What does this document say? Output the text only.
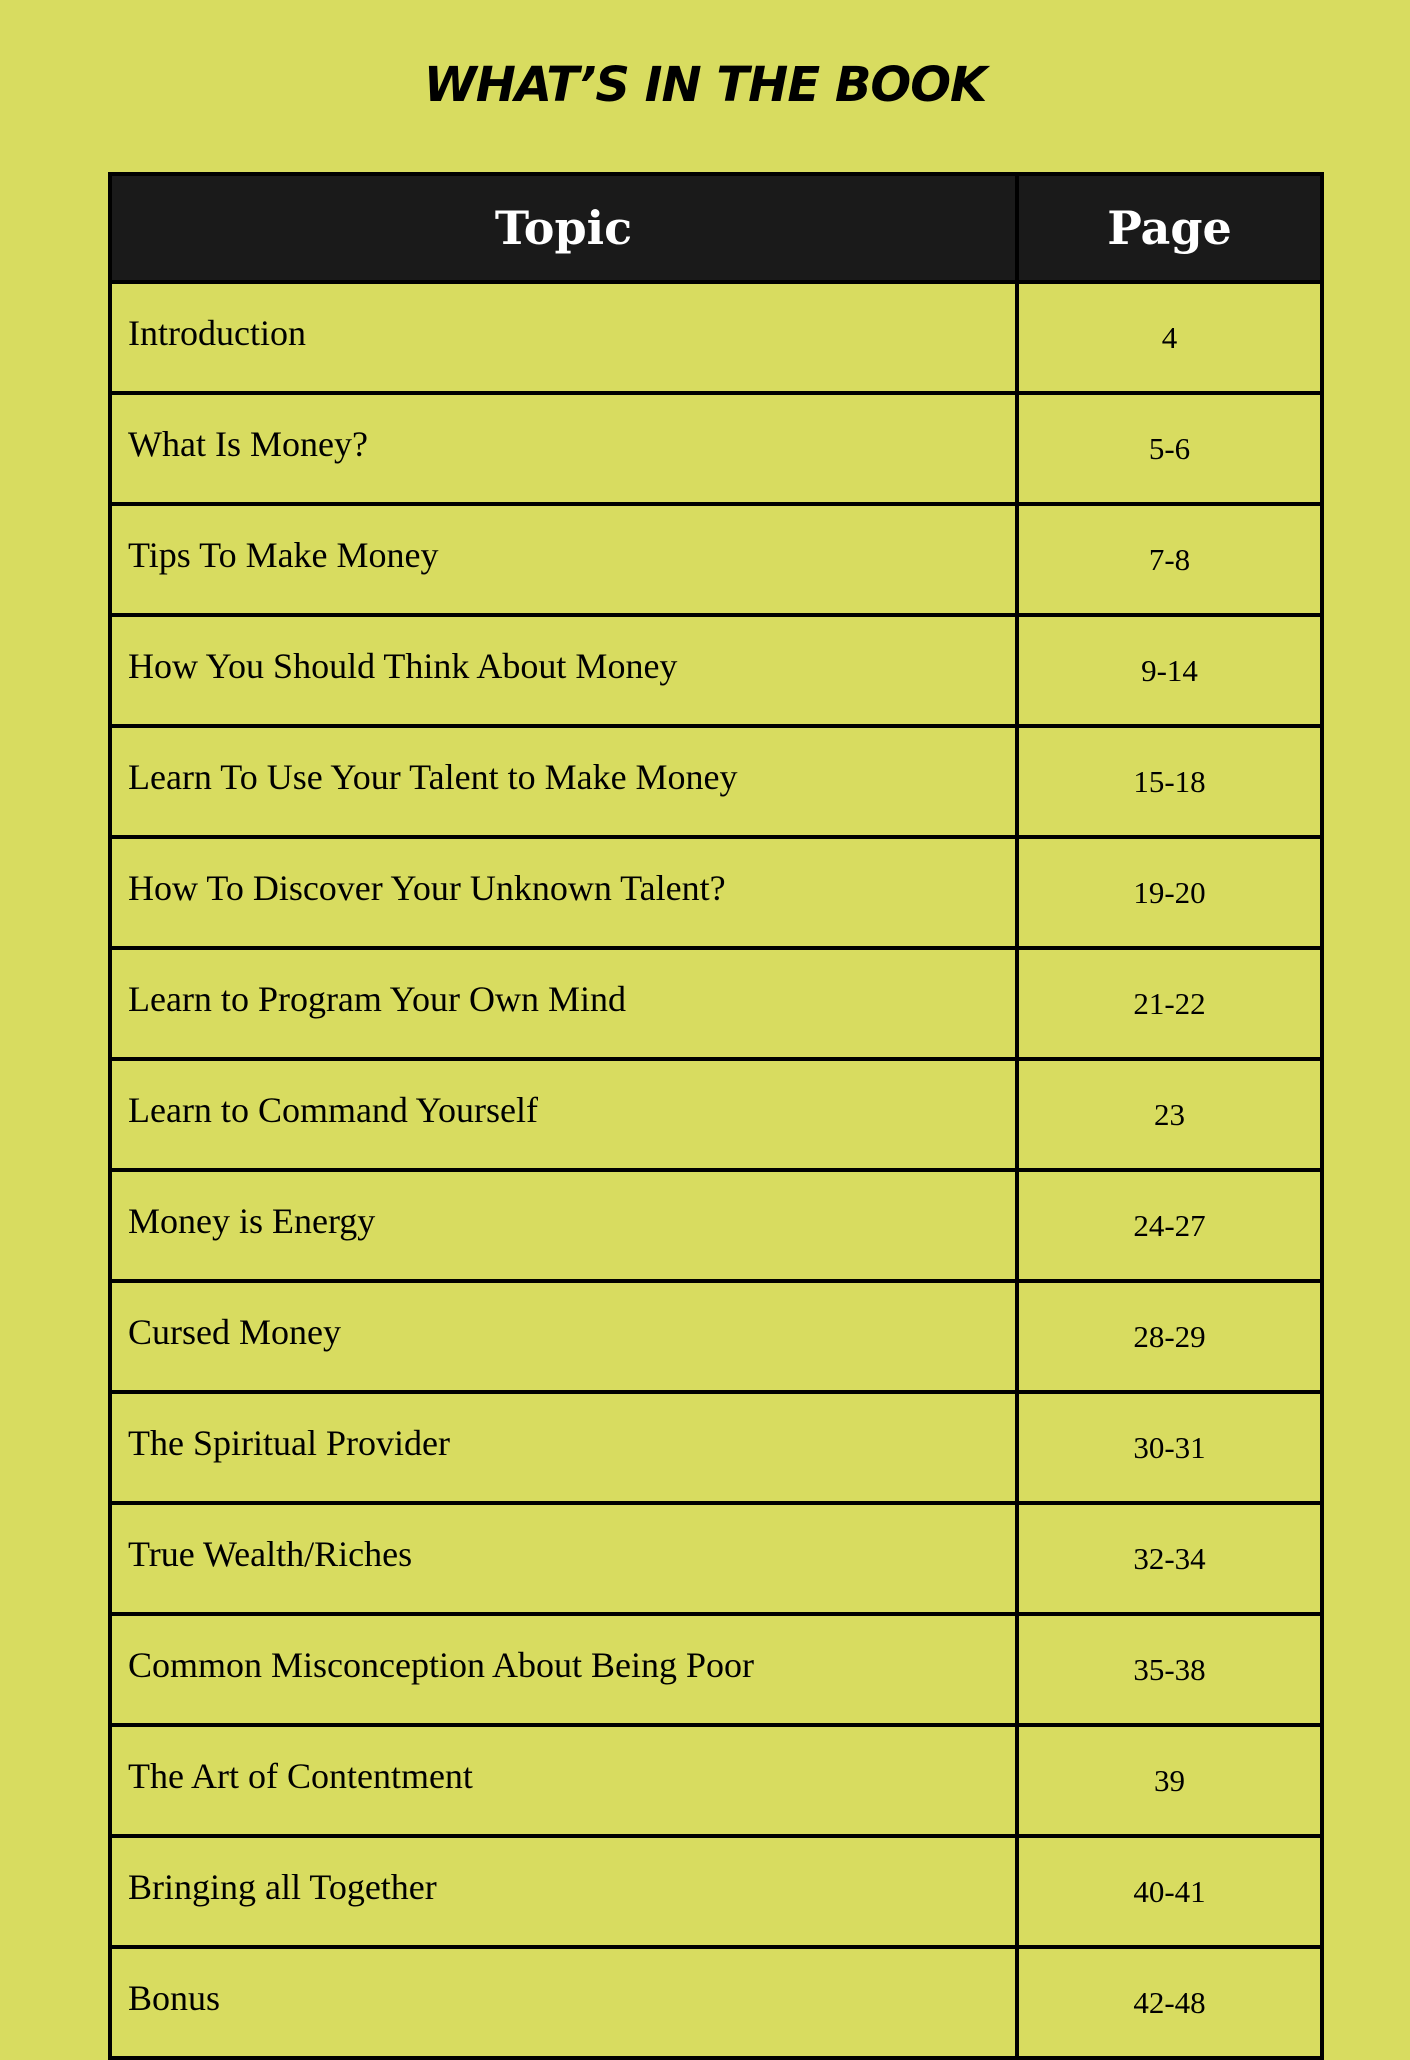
WHAT’S IN THE BOOK
Topic	Page
Introduction	4
What Is Money?	5-6
Tips To Make Money	7-8
How You Should Think About Money	9-14
Learn To Use Your Talent to Make Money	15-18
How To Discover Your Unknown Talent?	19-20
Learn to Program Your Own Mind	21-22
Learn to Command Yourself	23
Money is Energy	24-27
Cursed Money	28-29
The Spiritual Provider	30-31
True Wealth/Riches	32-34
Common Misconception About Being Poor	35-38
The Art of Contentment	39
Bringing all Together	40-41
Bonus	42-48
